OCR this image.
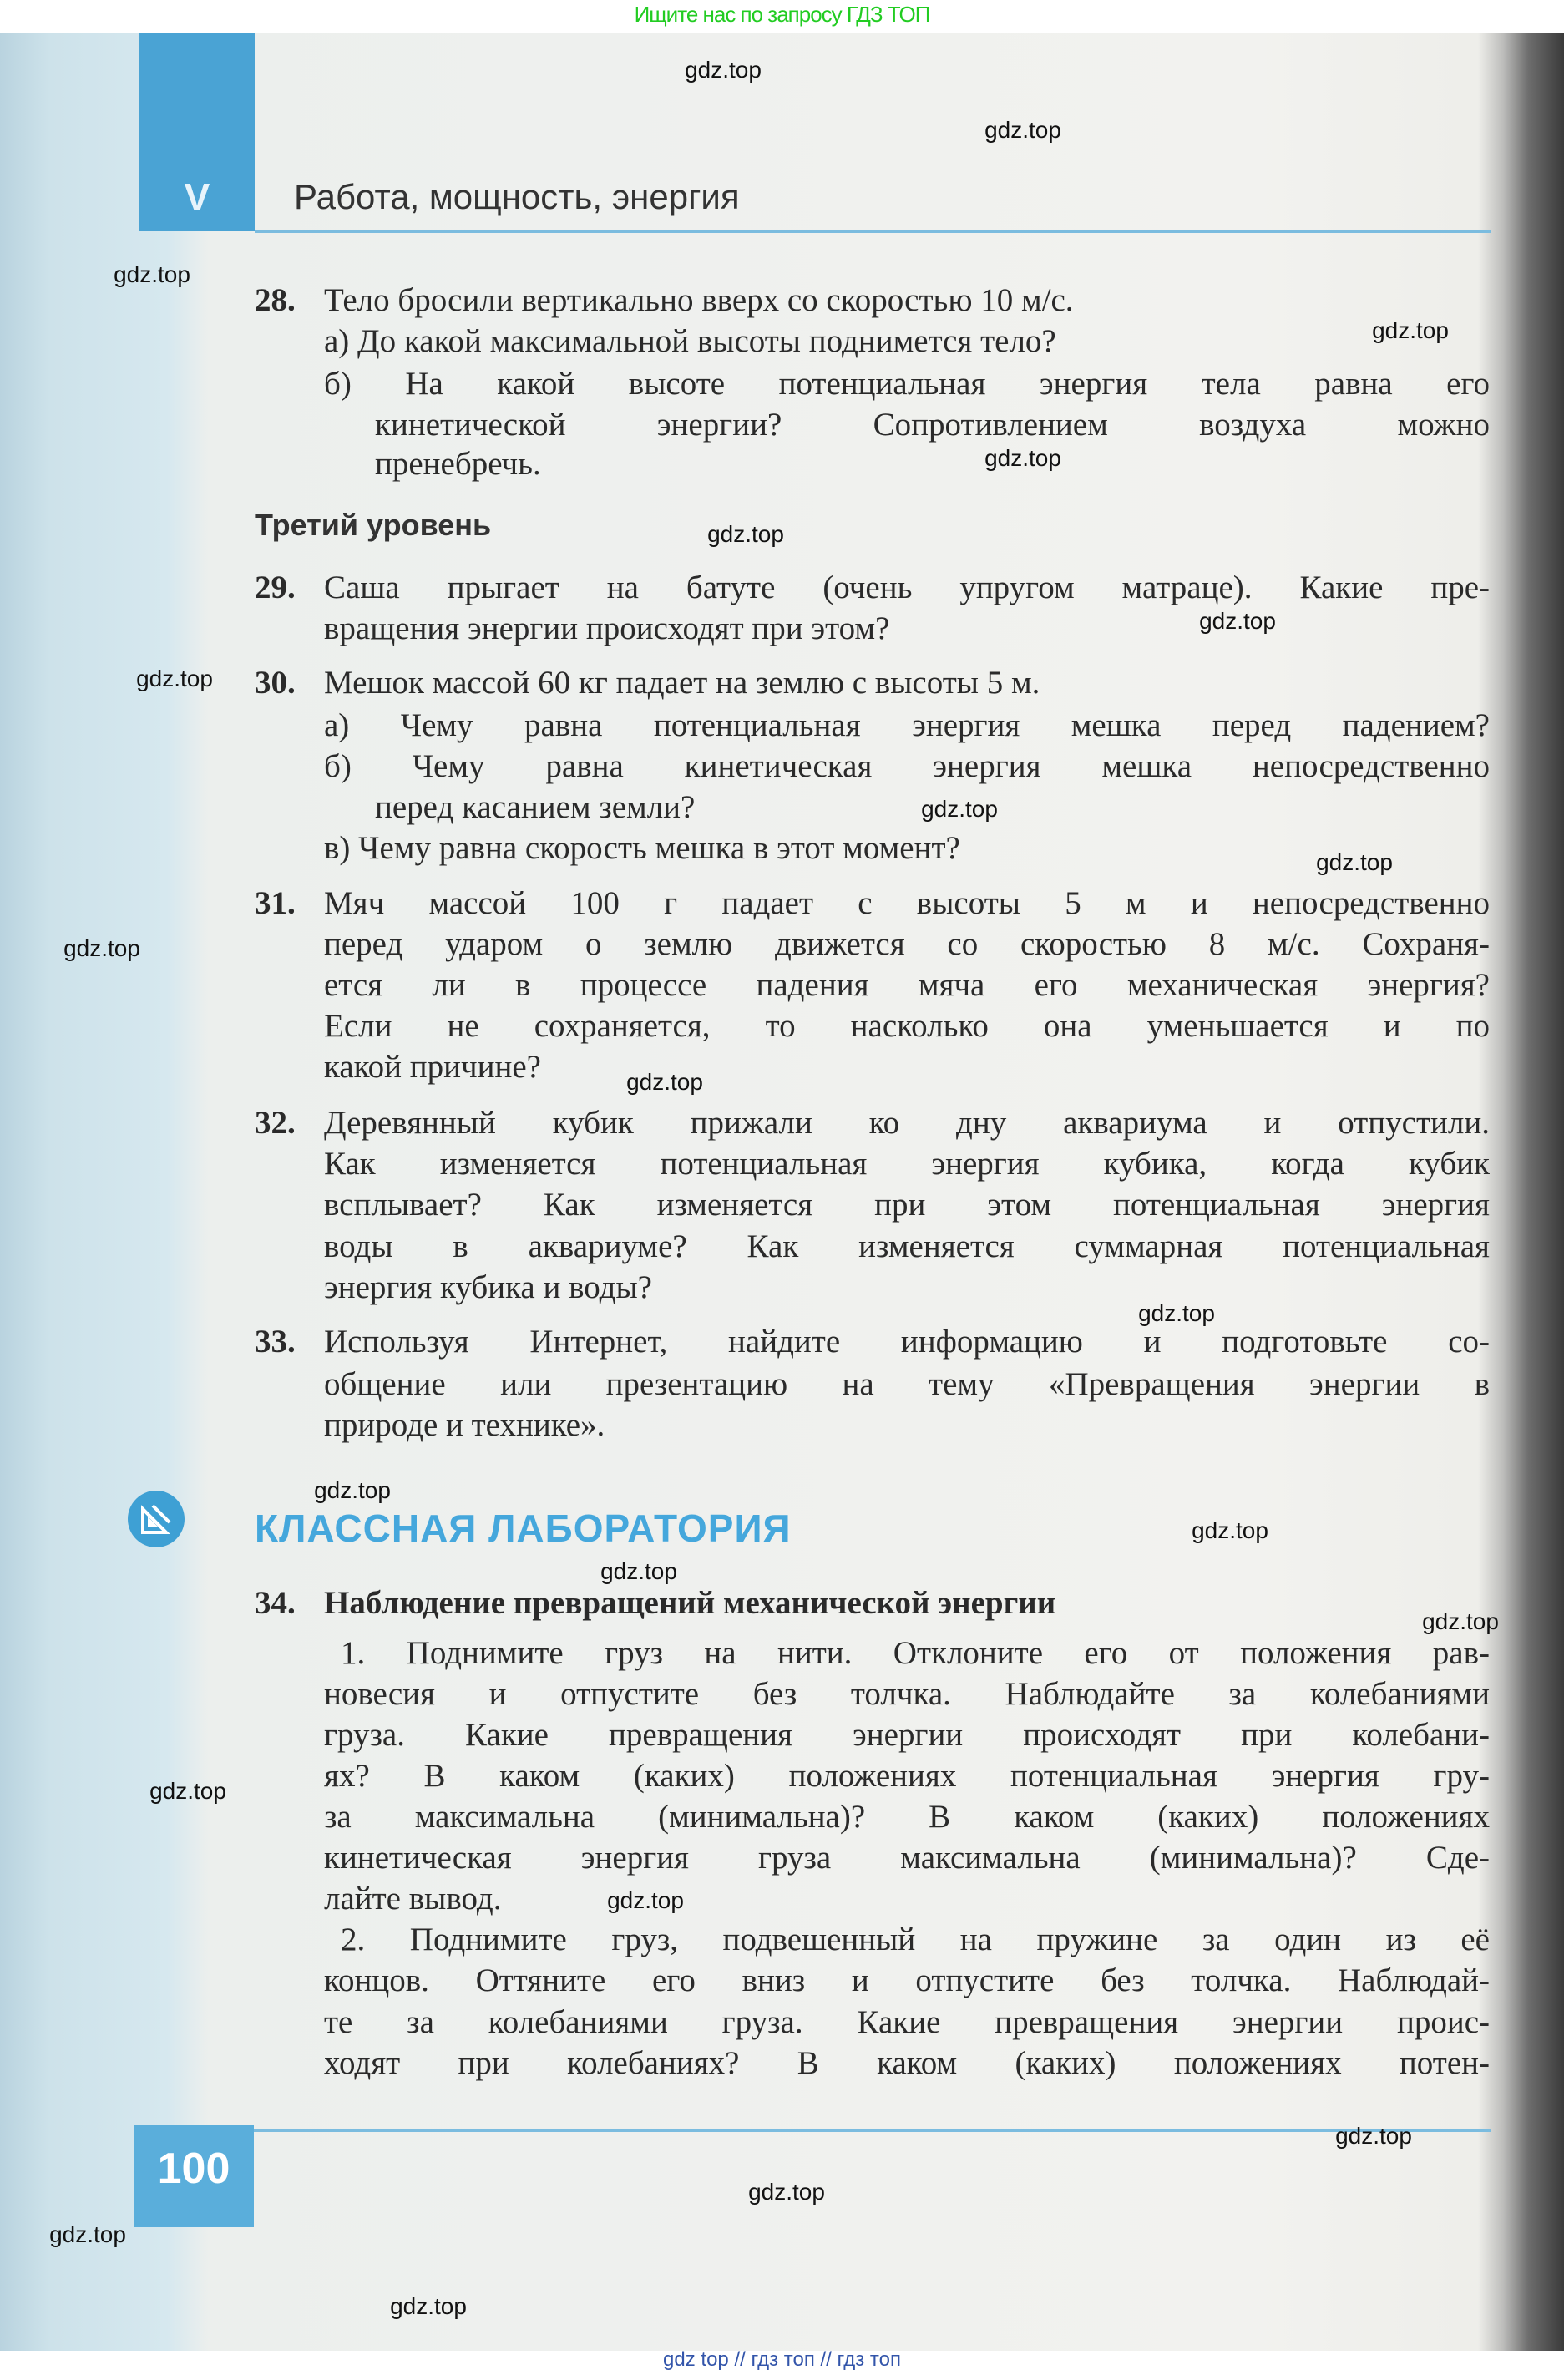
Ищите нас по запросу ГДЗ ТОП
V	Работа, мощность, энергия
Третий уровень
КЛАССНАЯ ЛАБОРАТОРИЯ
28. Тело бросили вертикально вверх со скоростью 10 м/с.
а) До какой максимальной высоты поднимется тело?
б) На какой высоте потенциальная энергия тела равна его
кинетической энергии? Сопротивлением воздуха можно
пренебречь.
29. Саша прыгает на батуте (очень упругом матраце). Какие пре-
вращения энергии происходят при этом?
30. Мешок массой 60 кг падает на землю с высоты 5 м.
а) Чему равна потенциальная энергия мешка перед падением?
б) Чему равна кинетическая энергия мешка непосредственно
перед касанием земли?
в) Чему равна скорость мешка в этот момент?
31. Мяч массой 100 г падает с высоты 5 м и непосредственно
перед ударом о землю движется со скоростью 8 м/с. Сохраня-
ется ли в процессе падения мяча его механическая энергия?
Если не сохраняется, то насколько она уменьшается и по
какой причине?
32. Деревянный кубик прижали ко дну аквариума и отпустили.
Как изменяется потенциальная энергия кубика, когда кубик
всплывает? Как изменяется при этом потенциальная энергия
воды в аквариуме? Как изменяется суммарная потенциальная
энергия кубика и воды?
33. Используя Интернет, найдите информацию и подготовьте со-
общение или презентацию на тему «Превращения энергии в
природе и технике».
34. Наблюдение превращений механической энергии
1. Поднимите груз на нити. Отклоните его от положения рав-
новесия и отпустите без толчка. Наблюдайте за колебаниями
груза. Какие превращения энергии происходят при колебани-
ях? В каком (каких) положениях потенциальная энергия гру-
за максимальна (минимальна)? В каком (каких) положениях
кинетическая энергия груза максимальна (минимальна)? Сде-
лайте вывод.
2. Поднимите груз, подвешенный на пружине за один из её
концов. Оттяните его вниз и отпустите без толчка. Наблюдай-
те за колебаниями груза. Какие превращения энергии проис-
ходят при колебаниях? В каком (каких) положениях потен-
100
gdz.top
gdz.top
gdz.top
gdz.top
gdz.top
gdz.top
gdz.top
gdz.top
gdz.top
gdz.top
gdz.top
gdz.top
gdz.top
gdz.top
gdz.top
gdz.top
gdz.top
gdz.top
gdz.top
gdz.top
gdz.top
gdz.top
gdz.top
gdz top // гдз топ // гдз топ
